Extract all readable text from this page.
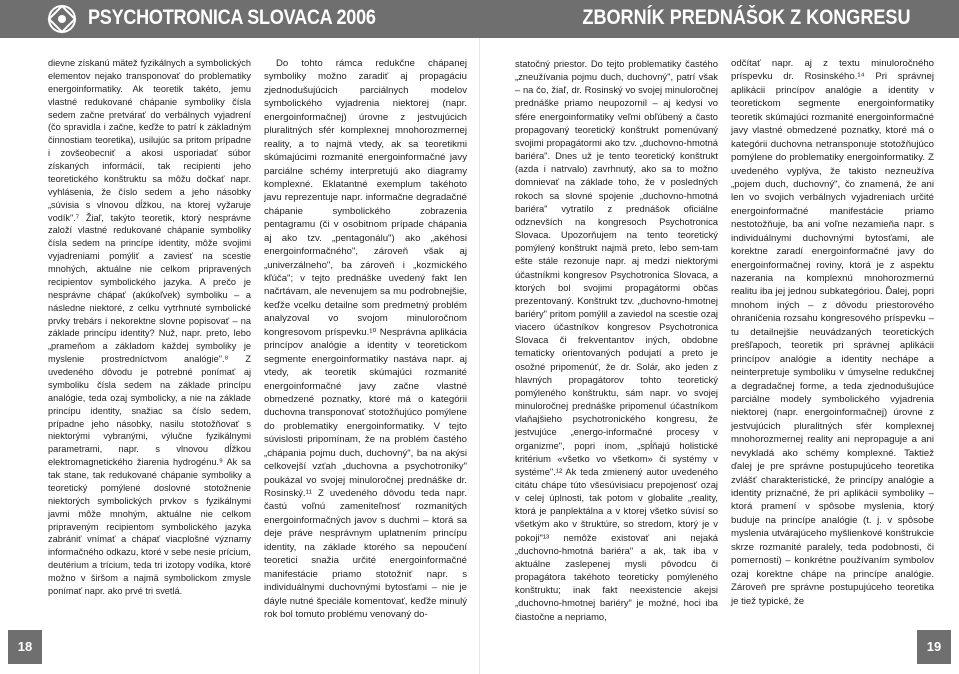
PSYCHOTRONICA SLOVACA 2006	ZBORNÍK PREDNÁŠOK Z KONGRESU

dievne získanú mätež fyzikálnych a symbolických elementov nejako transponovať do problematiky energoinformatiky. Ak teoretik takéto, jemu vlastné redukované chápanie symboliky čísla sedem začne pretvárať do verbálnych vyjadrení (čo spravidla i začne, keďže to patrí k základným činnostiam teoretika), usilujúc sa pritom prípadne i zovšeobecniť a akosi usporiadať súbor získaných informácií, tak recipienti jeho teoretického konštruktu sa môžu dočkať napr. vyhlásenia, že číslo sedem a jeho násobky „súvisia s vlnovou dĺžkou, na ktorej vyžaruje vodík".⁷ Žiaľ, takýto teoretik, ktorý nesprávne založí vlastné redukované chápanie symboliky čísla sedem na princípe identity, môže svojimi vyjadreniami pomýliť a zaviesť na scestie mnohých, aktuálne nie celkom pripravených recipientov symbolického jazyka. A prečo je nesprávne chápať (akúkoľvek) symboliku – a následne niektoré, z celku vytrhnuté symbolické prvky trebárs i nekorektne slovne popisovať – na základe princípu identity? Nuž, napr. preto, lebo „prameňom a základom každej symboliky je myslenie prostredníctvom analógie".⁸ Z uvedeného dôvodu je potrebné ponímať aj symboliku čísla sedem na základe princípu analógie, teda ozaj symbolicky, a nie na základe princípu identity, snažiac sa číslo sedem, prípadne jeho násobky, nasilu stotožňovať s niektorými vybranými, výlučne fyzikálnymi parametrami, napr. s vlnovou dĺžkou elektromagnetického žiarenia hydrogénu.⁹ Ak sa tak stane, tak redukované chápanie symboliky a teoretický pomýlené doslovné stotožnenie niektorých symbolických prvkov s fyzikálnymi javmi môže mnohým, aktuálne nie celkom pripraveným recipientom symbolického jazyka zabrániť vnímať a chápať viacplošné významy informačného odkazu, ktoré v sebe nesie prícium, deutérium a trícium, teda tri izotopy vodíka, ktoré možno v širšom a najmä symbolickom zmysle ponímať napr. ako prvé tri svetlá.

Do tohto rámca redukčne chápanej symboliky možno zaradiť aj propagáciu zjednodušujúcich parciálnych modelov symbolického vyjadrenia niektorej (napr. energoinformačnej) úrovne z jestvujúcich pluralitných sfér komplexnej mnohorozmernej reality, a to najmä vtedy, ak sa teoretikmi skúmajúcimi rozmanité energoinformačné javy parciálne schémy interpretujú ako diagramy komplexné. Eklatantné exemplum takéhoto javu reprezentuje napr. informačne degradačné chápanie symbolického zobrazenia pentagramu (či v osobitnom prípade chápania aj ako tzv. „pentagonálu") ako „akéhosi energoinformačného", zároveň však aj „univerzálneho", ba zároveň i „kozmického kľúča"; v tejto prednáške uvedený fakt len načrtávam, ale nevenujem sa mu podrobnejšie, keďže vcelku detailne som predmetný problém analyzoval vo svojom minuloročnom kongresovom príspevku.¹⁰ Nesprávna aplikácia princípov analógie a identity v teoretickom segmente energoinformatiky nastáva napr. aj vtedy, ak teoretik skúmajúci rozmanité energoinformačné javy začne vlastné obmedzené poznatky, ktoré má o kategórii duchovna transponovať stotožňujúco pomýlene do problematiky energoinformatiky. V tejto súvislosti pripomínam, že na problém častého „chápania pojmu duch, duchovný", ba na akýsi celkovejší vzťah „duchovna a psychotroniky" poukázal vo svojej minuloročnej prednáške dr. Rosinský.¹¹ Z uvedeného dôvodu teda napr. častú voľnú zameniteľnosť rozmanitých energoinformačných javov s duchmi – ktorá sa deje práve nesprávnym uplatnením princípu identity, na základe ktorého sa nepoučení teoretici snažia určité energoinformačné manifestácie priamo stotožniť napr. s individuálnymi duchovnými bytosťami – nie je dáyle nutné špeciále komentovať, keďže minulý rok bol tomuto problému venovaný do-

statočný priestor. Do tejto problematiky častého „zneužívania pojmu duch, duchovný", patrí však – na čo, žiaľ, dr. Rosinský vo svojej minuloročnej prednáške priamo neupozornil – aj kedysi vo sfére energoinformatiky veľmi obľúbený a často propagovaný teoretický konštrukt pomenúvaný svojimi propagátormi ako tzv. „duchovno-hmotná bariéra". Dnes už je tento teoretický konštrukt (azda i natrvalo) zavrhnutý, ako sa to možno domnievať na základe toho, že v posledných rokoch sa slovné spojenie „duchovno-hmotná bariéra" vytratilo z prednášok oficiálne odznevších na kongresoch Psychotronica Slovaca. Upozorňujem na tento teoretický pomýlený konštrukt najmä preto, lebo sem-tam ešte stále rezonuje napr. aj medzi niektorými účastníkmi kongresov Psychotronica Slovaca, a ktorých bol svojimi propagátormi občas prezentovaný. Konštrukt tzv. „duchovno-hmotnej bariéry" pritom pomýlil a zaviedol na scestie ozaj viacero účastníkov kongresov Psychotronica Slovaca či frekventantov iných, obdobne tematicky orientovaných podujatí a preto je osožné pripomenúť, že dr. Solár, ako jeden z hlavných propagátorov tohto teoretický pomýleného konštruktu, sám napr. vo svojej minuloročnej prednáške pripomenul účastníkom vlaňajšieho psychotronického kongresu, že jestvujúce „energo-informačné procesy v organizme", popri inom, „spĺňajú holistické kritérium «všetko vo všetkom» či systémy v systéme".¹² Ak teda zmienený autor uvedeného citátu chápe túto všesúvisiacu prepojenosť ozaj v celej úplnosti, tak potom v globalite „reality, ktorá je panplektálna a v ktorej všetko súvisí so všetkým ako v štruktúre, so stredom, ktorý je v pokoji"¹³ nemôže existovať ani nejaká „duchovno-hmotná bariéra" a ak, tak iba v aktuálne zaslepenej mysli pôvodcu či propagátora takéhoto teoreticky pomýleného konštruktu; inak fakt neexistencie akejsi „duchovno-hmotnej bariéry" je možné, hoci iba čiastočne a nepriamo,

odčítať napr. aj z textu minuloročného príspevku dr. Rosinského.¹⁴ Pri správnej aplikácii princípov analógie a identity v teoretickom segmente energoinformatiky teoretik skúmajúci rozmanité energoinformačné javy vlastné obmedzené poznatky, ktoré má o kategórii duchovna netransponuje stotožňujúco pomýlene do problematiky energoinformatiky. Z uvedeného vyplýva, že takisto nezneužíva „pojem duch, duchovný", čo znamená, že ani len vo svojich verbálnych vyjadreniach určité energoinformačné manifestácie priamo nestotožňuje, ba ani voľne nezamieňa napr. s individuálnymi duchovnými bytosťami, ale korektne zaradí energoinformačné javy do energoinformačnej roviny, ktorá je z aspektu nazerania na komplexnú mnohorozmernú realitu iba jej jednou subkategóriou. Ďalej, popri mnohom iných – z dôvodu priestorového ohraničenia rozsahu kongresového príspevku – tu detailnejšie neuvádzaných teoretických prešľapoch, teoretik pri správnej aplikácii princípov analógie a identity nechápe a neinterpretuje symboliku v úmyselne redukčnej a degradačnej forme, a teda zjednodušujúce parciálne modely symbolického vyjadrenia niektorej (napr. energoinformačnej) úrovne z jestvujúcich pluralitných sfér komplexnej mnohorozmernej reality ani nepropaguje a ani nevykladá ako schémy komplexné. Taktiež ďalej je pre správne postupujúceho teoretika zvlášť charakteristické, že princípy analógie a identity priznačné, že pri aplikácii symboliky – ktorá pramení v spôsobe myslenia, ktorý buduje na princípe analógie (t. j. v spôsobe myslenia utvárajúceho myšlienkové konštrukcie skrze rozmanité paralely, teda podobnosti, či pomernosti) – konkrétne používaním symbolov ozaj korektne chápe na princípe analógie. Zároveň pre správne postupujúceho teoretika je tiež typické, že

18	19
